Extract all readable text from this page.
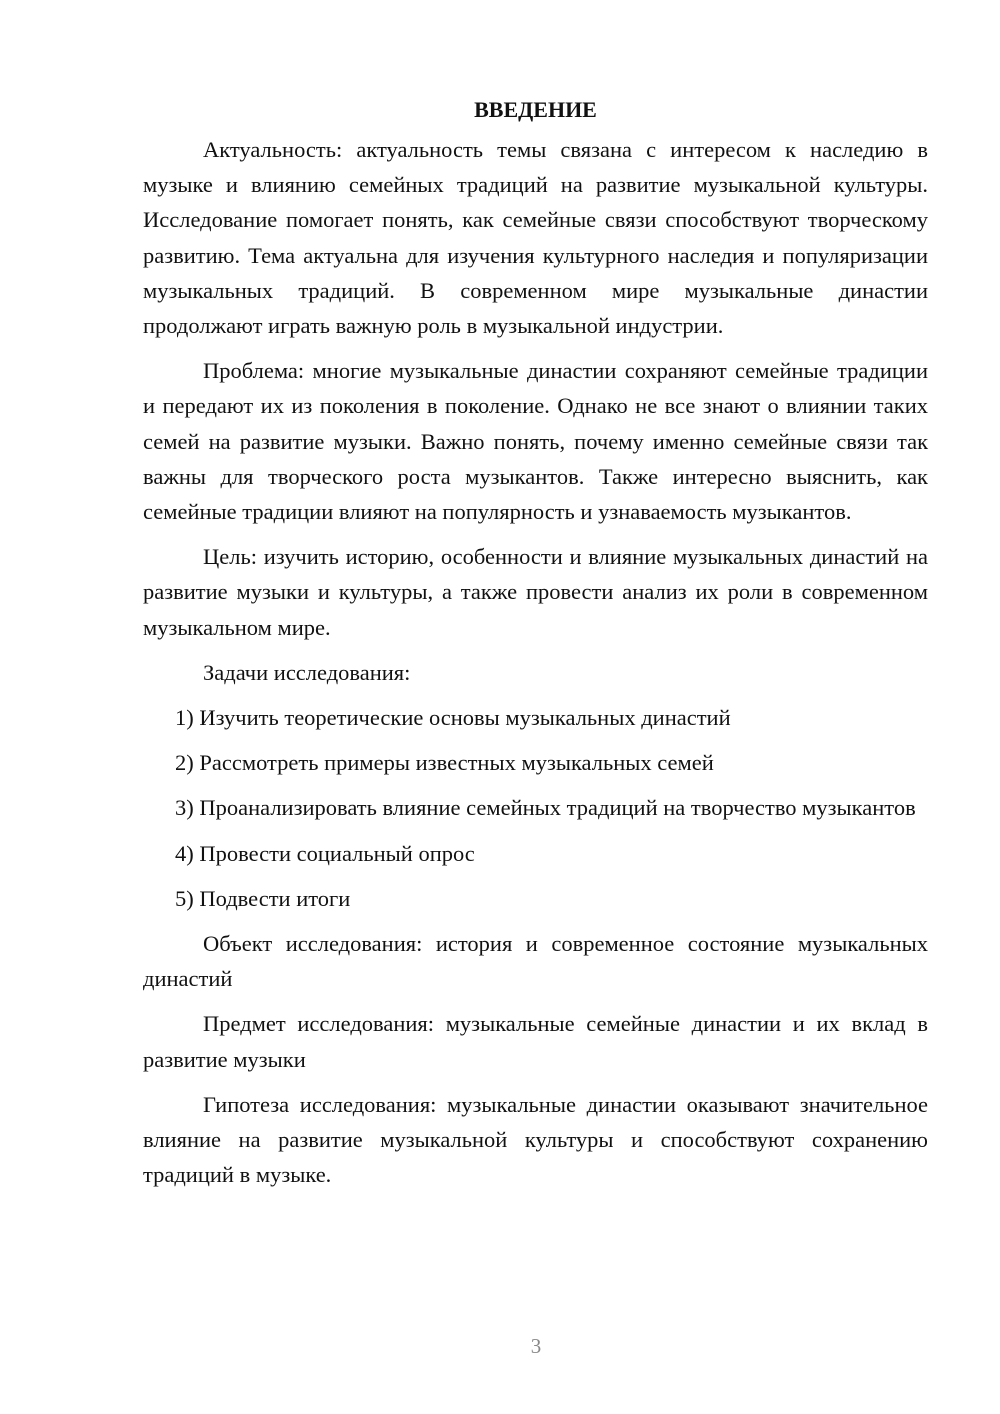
ВВЕДЕНИЕ

Актуальность: актуальность темы связана с интересом к наследию в музыке и влиянию семейных традиций на развитие музыкальной культуры. Исследование помогает понять, как семейные связи способствуют творческому развитию. Тема актуальна для изучения культурного наследия и популяризации музыкальных традиций. В современном мире музыкальные династии продолжают играть важную роль в музыкальной индустрии.

Проблема: многие музыкальные династии сохраняют семейные традиции и передают их из поколения в поколение. Однако не все знают о влиянии таких семей на развитие музыки. Важно понять, почему именно семейные связи так важны для творческого роста музыкантов. Также интересно выяснить, как семейные традиции влияют на популярность и узнаваемость музыкантов.

Цель: изучить историю, особенности и влияние музыкальных династий на развитие музыки и культуры, а также провести анализ их роли в современном музыкальном мире.

Задачи исследования:

1) Изучить теоретические основы музыкальных династий

2) Рассмотреть примеры известных музыкальных семей

3) Проанализировать влияние семейных традиций на творчество музыкантов

4) Провести социальный опрос

5) Подвести итоги

Объект исследования: история и современное состояние музыкальных династий

Предмет исследования: музыкальные семейные династии и их вклад в развитие музыки

Гипотеза исследования: музыкальные династии оказывают значительное влияние на развитие музыкальной культуры и способствуют сохранению традиций в музыке.

3
